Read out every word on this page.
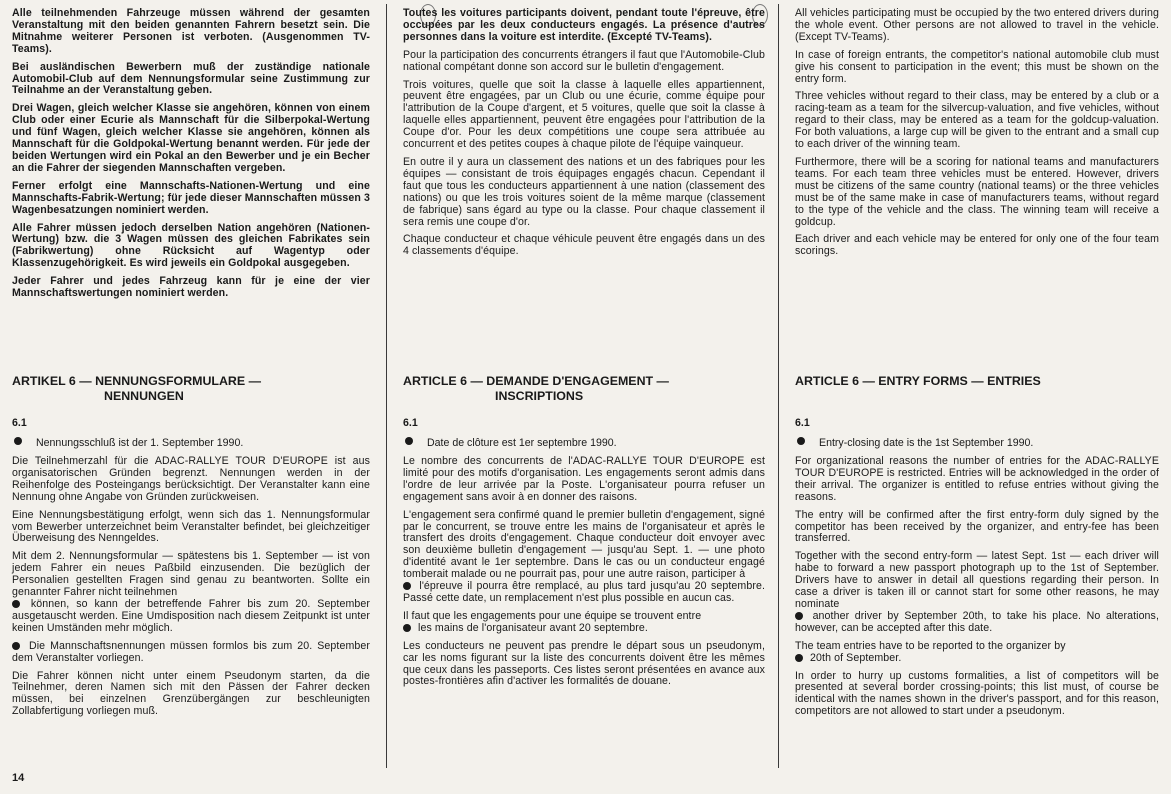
Alle teilnehmenden Fahrzeuge müssen während der gesamten Veranstaltung mit den beiden genannten Fahrern besetzt sein. Die Mitnahme weiterer Personen ist verboten. (Ausgenommen TV-Teams).

Bei ausländischen Bewerbern muß der zuständige nationale Automobil-Club auf dem Nennungsformular seine Zustimmung zur Teilnahme an der Veranstaltung geben.

Drei Wagen, gleich welcher Klasse sie angehören, können von einem Club oder einer Ecurie als Mannschaft für die Silberpokal-Wertung und fünf Wagen, gleich welcher Klasse sie angehören, können als Mannschaft für die Goldpokal-Wertung benannt werden. Für jede der beiden Wertungen wird ein Pokal an den Bewerber und je ein Becher an die Fahrer der siegenden Mannschaften vergeben.

Ferner erfolgt eine Mannschafts-Nationen-Wertung und eine Mannschafts-Fabrik-Wertung; für jede dieser Mannschaften müssen 3 Wagenbesatzungen nominiert werden.

Alle Fahrer müssen jedoch derselben Nation angehören (Nationen-Wertung) bzw. die 3 Wagen müssen des gleichen Fabrikates sein (Fabrikwertung) ohne Rücksicht auf Wagentyp oder Klassenzugehörigkeit. Es wird jeweils ein Goldpokal ausgegeben.

Jeder Fahrer und jedes Fahrzeug kann für je eine der vier Mannschaftswertungen nominiert werden.

ARTIKEL 6 — NENNUNGSFORMULARE —
NENNUNGEN
6.1
Nennungsschluß ist der 1. September 1990.

Die Teilnehmerzahl für die ADAC-RALLYE TOUR D'EUROPE ist aus organisatorischen Gründen begrenzt. Nennungen werden in der Reihenfolge des Posteingangs berücksichtigt. Der Veranstalter kann eine Nennung ohne Angabe von Gründen zurückweisen.

Eine Nennungsbestätigung erfolgt, wenn sich das 1. Nennungsformular vom Bewerber unterzeichnet beim Veranstalter befindet, bei gleichzeitiger Überweisung des Nenngeldes.

Mit dem 2. Nennungsformular — spätestens bis 1. September — ist von jedem Fahrer ein neues Paßbild einzusenden. Die bezüglich der Personalien gestellten Fragen sind genau zu beantworten. Sollte ein genannter Fahrer nicht teilnehmen
können, so kann der betreffende Fahrer bis zum 20. September ausgetauscht werden. Eine Umdisposition nach diesem Zeitpunkt ist unter keinen Umständen mehr möglich.

Die Mannschaftsnennungen müssen formlos bis zum 20. September dem Veranstalter vorliegen.

Die Fahrer können nicht unter einem Pseudonym starten, da die Teilnehmer, deren Namen sich mit den Pässen der Fahrer decken müssen, bei einzelnen Grenzübergängen zur beschleunigten Zollabfertigung vorliegen muß.

Toutes les voitures participants doivent, pendant toute l'épreuve, être occupées par les deux conducteurs engagés. La présence d'autres personnes dans la voiture est interdite. (Excepté TV-Teams).

Pour la participation des concurrents étrangers il faut que l'Automobile-Club national compétant donne son accord sur le bulletin d'engagement.

Trois voitures, quelle que soit la classe à laquelle elles appartiennent, peuvent être engagées, par un Club ou une écurie, comme équipe pour l'attribution de la Coupe d'argent, et 5 voitures, quelle que soit la classe à laquelle elles appartiennent, peuvent être engagées pour l'attribution de la Coupe d'or. Pour les deux compétitions une coupe sera attribuée au concurrent et des petites coupes à chaque pilote de l'équipe vainqueur.

En outre il y aura un classement des nations et un des fabriques pour les équipes — consistant de trois équipages engagés chacun. Cependant il faut que tous les conducteurs appartiennent à une nation (classement des nations) ou que les trois voitures soient de la même marque (classement de fabrique) sans égard au type ou la classe. Pour chaque classement il sera remis une coupe d'or.

Chaque conducteur et chaque véhicule peuvent être engagés dans un des 4 classements d'équipe.

ARTICLE 6 — DEMANDE D'ENGAGEMENT —
INSCRIPTIONS
6.1
Date de clôture est 1er septembre 1990.

Le nombre des concurrents de l'ADAC-RALLYE TOUR D'EUROPE est limité pour des motifs d'organisation. Les engagements seront admis dans l'ordre de leur arrivée par la Poste. L'organisateur pourra refuser un engagement sans avoir à en donner des raisons.

L'engagement sera confirmé quand le premier bulletin d'engagement, signé par le concurrent, se trouve entre les mains de l'organisateur et après le transfert des droits d'engagement. Chaque conducteur doit envoyer avec son deuxième bulletin d'engagement — jusqu'au Sept. 1. — une photo d'identité avant le 1er septembre. Dans le cas ou un conducteur engagé tomberait malade ou ne pourrait pas, pour une autre raison, participer à
l'épreuve il pourra être remplacé, au plus tard jusqu'au 20 septembre. Passé cette date, un remplacement n'est plus possible en aucun cas.

Il faut que les engagements pour une équipe se trouvent entre
les mains de l'organisateur avant 20 septembre.

Les conducteurs ne peuvent pas prendre le départ sous un pseudonym, car les noms figurant sur la liste des concurrents doivent être les mêmes que ceux dans les passeports. Ces listes seront présentées en avance aux postes-frontières afin d'activer les formalités de douane.

All vehicles participating must be occupied by the two entered drivers during the whole event. Other persons are not allowed to travel in the vehicle. (Except TV-Teams).

In case of foreign entrants, the competitor's national automobile club must give his consent to participation in the event; this must be shown on the entry form.

Three vehicles without regard to their class, may be entered by a club or a racing-team as a team for the silvercup-valuation, and five vehicles, without regard to their class, may be entered as a team for the goldcup-valuation. For both valuations, a large cup will be given to the entrant and a small cup to each driver of the winning team.

Furthermore, there will be a scoring for national teams and manufacturers teams. For each team three vehicles must be entered. However, drivers must be citizens of the same country (national teams) or the three vehicles must be of the same make in case of manufacturers teams, without regard to the type of the vehicle and the class. The winning team will receive a goldcup.

Each driver and each vehicle may be entered for only one of the four team scorings.

ARTICLE 6 — ENTRY FORMS — ENTRIES
6.1
Entry-closing date is the 1st September 1990.

For organizational reasons the number of entries for the ADAC-RALLYE TOUR D'EUROPE is restricted. Entries will be acknowledged in the order of their arrival. The organizer is entitled to refuse entries without giving the reasons.

The entry will be confirmed after the first entry-form duly signed by the competitor has been received by the organizer, and entry-fee has been transferred.

Together with the second entry-form — latest Sept. 1st — each driver will habe to forward a new passport photograph up to the 1st of September. Drivers have to answer in detail all questions regarding their person. In case a driver is taken ill or cannot start for some other reasons, he may nominate
another driver by September 20th, to take his place. No alterations, however, can be accepted after this date.

The team entries have to be reported to the organizer by
20th of September.

In order to hurry up customs formalities, a list of competitors will be presented at several border crossing-points; this list must, of course be identical with the names shown in the driver's passport, and for this reason, competitors are not allowed to start under a pseudonym.

14
